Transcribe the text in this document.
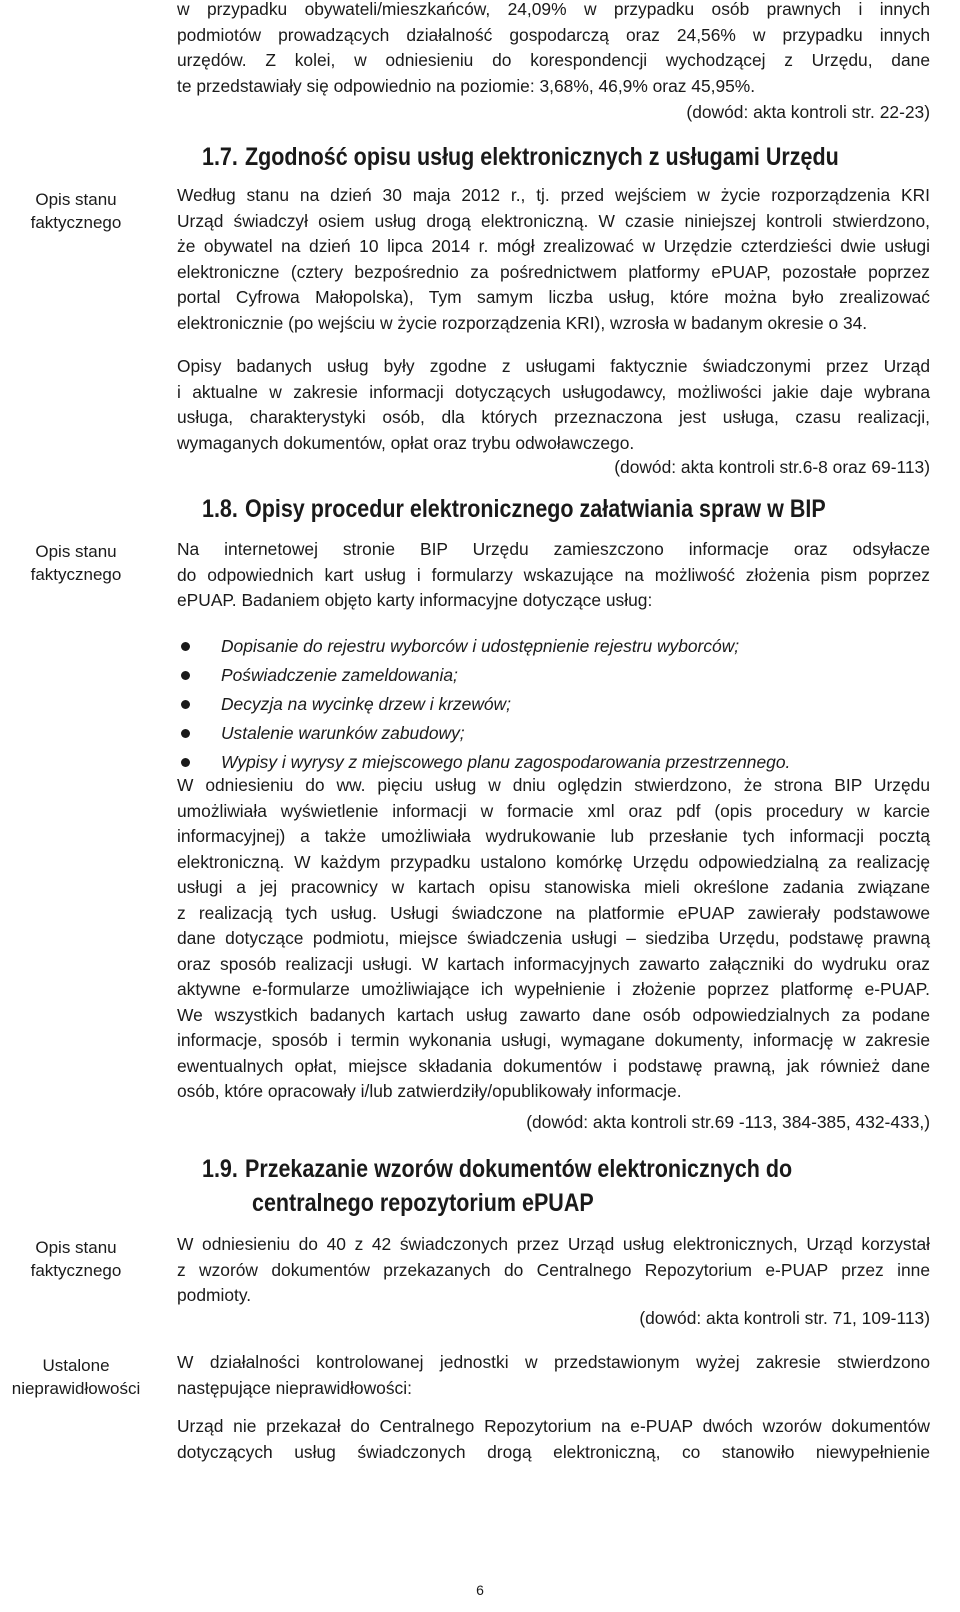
Opis stanu faktycznego
Opis stanu faktycznego
Opis stanu faktycznego
Ustalone nieprawidłowości
w przypadku obywateli/mieszkańców, 24,09% w przypadku osób prawnych i innych
podmiotów prowadzących działalność gospodarczą oraz 24,56% w przypadku innych
urzędów. Z kolei, w odniesieniu do korespondencji wychodzącej z Urzędu, dane
te przedstawiały się odpowiednio na poziomie: 3,68%, 46,9% oraz 45,95%.
(dowód: akta kontroli str. 22-23)
1.7. Zgodność opisu usług elektronicznych z usługami Urzędu
Według stanu na dzień 30 maja 2012 r., tj. przed wejściem w życie rozporządzenia KRI
Urząd świadczył osiem usług drogą elektroniczną. W czasie niniejszej kontroli stwierdzono,
że obywatel na dzień 10 lipca 2014 r. mógł zrealizować w Urzędzie czterdzieści dwie usługi
elektroniczne (cztery bezpośrednio za pośrednictwem platformy ePUAP, pozostałe poprzez
portal Cyfrowa Małopolska), Tym samym liczba usług, które można było zrealizować
elektronicznie (po wejściu w życie rozporządzenia KRI), wzrosła w badanym okresie o 34.
Opisy badanych usług były zgodne z usługami faktycznie świadczonymi przez Urząd
i aktualne w zakresie informacji dotyczących usługodawcy, możliwości jakie daje wybrana
usługa, charakterystyki osób, dla których przeznaczona jest usługa, czasu realizacji,
wymaganych dokumentów, opłat oraz trybu odwoławczego.
(dowód: akta kontroli str.6-8 oraz 69-113)
1.8. Opisy procedur elektronicznego załatwiania spraw w BIP
Na internetowej stronie BIP Urzędu zamieszczono informacje oraz odsyłacze
do odpowiednich kart usług i formularzy wskazujące na możliwość złożenia pism poprzez
ePUAP. Badaniem objęto karty informacyjne dotyczące usług:
Dopisanie do rejestru wyborców i udostępnienie rejestru wyborców;
Poświadczenie zameldowania;
Decyzja na wycinkę drzew i krzewów;
Ustalenie warunków zabudowy;
Wypisy i wyrysy z miejscowego planu zagospodarowania przestrzennego.
W odniesieniu do ww. pięciu usług w dniu oględzin stwierdzono, że strona BIP Urzędu
umożliwiała wyświetlenie informacji w formacie xml oraz pdf (opis procedury w karcie
informacyjnej) a także umożliwiała wydrukowanie lub przesłanie tych informacji pocztą
elektroniczną. W każdym przypadku ustalono komórkę Urzędu odpowiedzialną za realizację
usługi a jej pracownicy w kartach opisu stanowiska mieli określone zadania związane
z realizacją tych usług. Usługi świadczone na platformie ePUAP zawierały podstawowe
dane dotyczące podmiotu, miejsce świadczenia usługi – siedziba Urzędu, podstawę prawną
oraz sposób realizacji usługi. W kartach informacyjnych zawarto załączniki do wydruku oraz
aktywne e-formularze umożliwiające ich wypełnienie i złożenie poprzez platformę e-PUAP.
We wszystkich badanych kartach usług zawarto dane osób odpowiedzialnych za podane
informacje, sposób i termin wykonania usługi, wymagane dokumenty, informację w zakresie
ewentualnych opłat, miejsce składania dokumentów i podstawę prawną, jak również dane
osób, które opracowały i/lub zatwierdziły/opublikowały informacje.
(dowód: akta kontroli str.69 -113, 384-385, 432-433,)
1.9. Przekazanie wzorów dokumentów elektronicznych do
centralnego repozytorium ePUAP
W odniesieniu do 40 z 42 świadczonych przez Urząd usług elektronicznych, Urząd korzystał
z wzorów dokumentów przekazanych do Centralnego Repozytorium e-PUAP przez inne
podmioty.
(dowód: akta kontroli str. 71, 109-113)
W działalności kontrolowanej jednostki w przedstawionym wyżej zakresie stwierdzono
następujące nieprawidłowości:
Urząd nie przekazał do Centralnego Repozytorium na e-PUAP dwóch wzorów dokumentów
dotyczących usług świadczonych drogą elektroniczną, co stanowiło niewypełnienie
6
